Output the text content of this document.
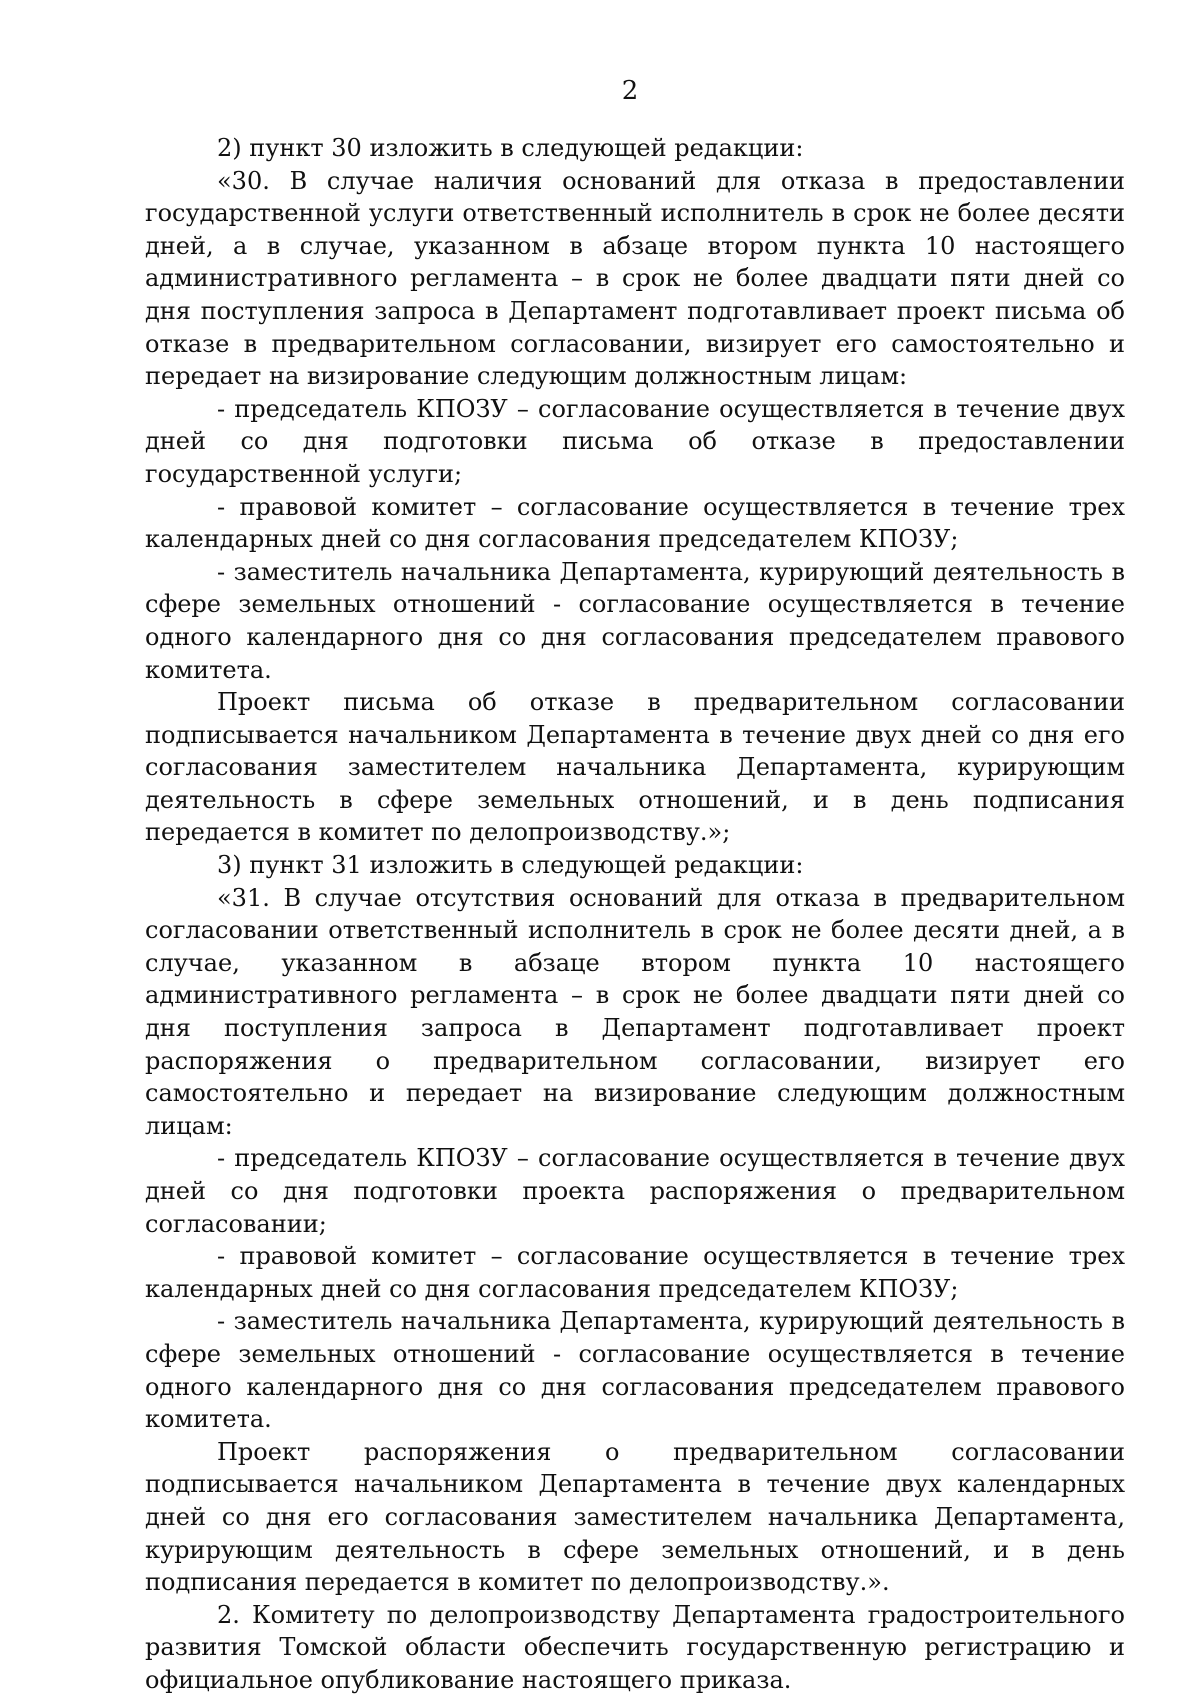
2

2) пункт 30 изложить в следующей редакции:

«30. В случае наличия оснований для отказа в предоставлении государственной услуги ответственный исполнитель в срок не более десяти дней, а в случае, указанном в абзаце втором пункта 10 настоящего административного регламента – в срок не более двадцати пяти дней со дня поступления запроса в Департамент подготавливает проект письма об отказе в предварительном согласовании, визирует его самостоятельно и передает на визирование следующим должностным лицам:

- председатель КПОЗУ – согласование осуществляется в течение двух дней со дня подготовки письма об отказе в предоставлении государственной услуги;

- правовой комитет – согласование осуществляется в течение трех календарных дней со дня согласования председателем КПОЗУ;

- заместитель начальника Департамента, курирующий деятельность в сфере земельных отношений - согласование осуществляется в течение одного календарного дня со дня согласования председателем правового комитета.

Проект письма об отказе в предварительном согласовании подписывается начальником Департамента в течение двух дней со дня его согласования заместителем начальника Департамента, курирующим деятельность в сфере земельных отношений, и в день подписания передается в комитет по делопроизводству.»;

3) пункт 31 изложить в следующей редакции:

«31. В случае отсутствия оснований для отказа в предварительном согласовании ответственный исполнитель в срок не более десяти дней, а в случае, указанном в абзаце втором пункта 10 настоящего административного регламента – в срок не более двадцати пяти дней со дня поступления запроса в Департамент подготавливает проект распоряжения о предварительном согласовании, визирует его самостоятельно и передает на визирование следующим должностным лицам:

- председатель КПОЗУ – согласование осуществляется в течение двух дней со дня подготовки проекта распоряжения о предварительном согласовании;

- правовой комитет – согласование осуществляется в течение трех календарных дней со дня согласования председателем КПОЗУ;

- заместитель начальника Департамента, курирующий деятельность в сфере земельных отношений - согласование осуществляется в течение одного календарного дня со дня согласования председателем правового комитета.

Проект распоряжения о предварительном согласовании подписывается начальником Департамента в течение двух календарных дней со дня его согласования заместителем начальника Департамента, курирующим деятельность в сфере земельных отношений, и в день подписания передается в комитет по делопроизводству.».

2. Комитету по делопроизводству Департамента градостроительного развития Томской области обеспечить государственную регистрацию и официальное опубликование настоящего приказа.
